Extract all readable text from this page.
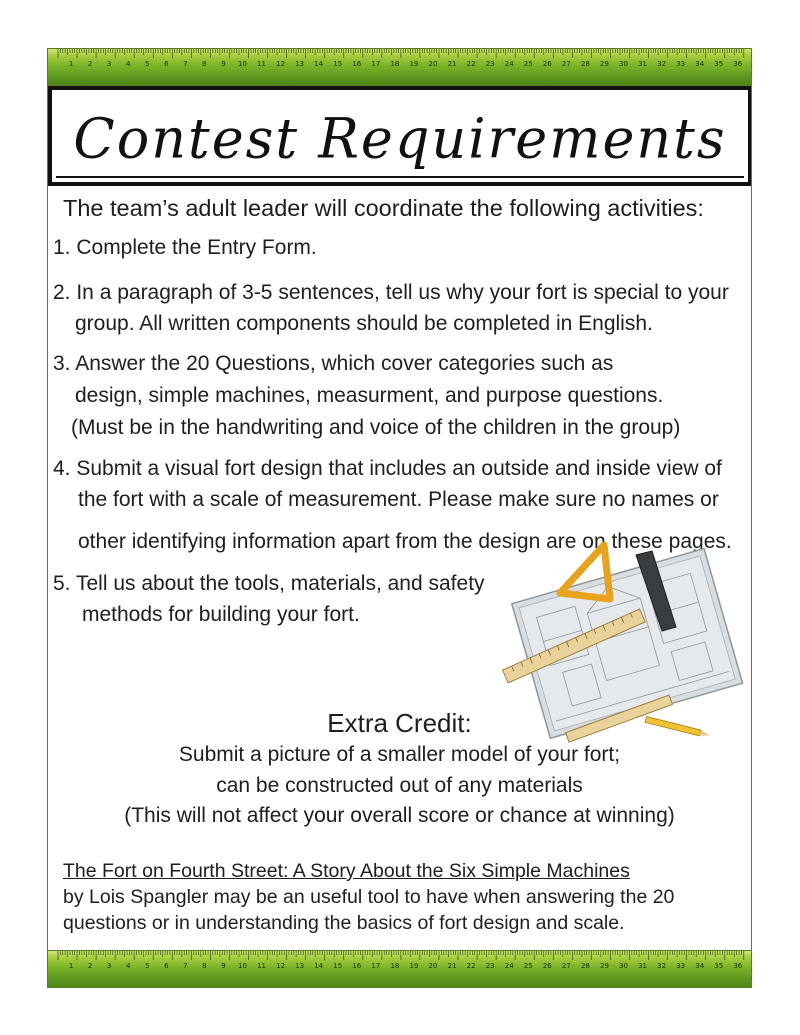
1 2 3 4 5 6 7 8 9 10 11 12 13 14 15 16 17 18 19 20 21 22 23 24 25 26 27 28 29 30 31 32 33 34 35 36
Contest Requirements
The team’s adult leader will coordinate the following activities:
1. Complete the Entry Form.
2. In a paragraph of 3-5 sentences, tell us why your fort is special to your
group. All written components should be completed in English.
3. Answer the 20 Questions, which cover categories such as
design, simple machines, measurment, and purpose questions.
(Must be in the handwriting and voice of the children in the group)
4. Submit a visual fort design that includes an outside and inside view of
the fort with a scale of measurement. Please make sure no names or
other identifying information apart from the design are on these pages.
5. Tell us about the tools, materials, and safety
methods for building your fort.
Extra Credit:
Submit a picture of a smaller model of your fort;
can be constructed out of any materials
(This will not affect your overall score or chance at winning)
The Fort on Fourth Street: A Story About the Six Simple Machines
by Lois Spangler may be an useful tool to have when answering the 20
questions or in understanding the basics of fort design and scale.
1 2 3 4 5 6 7 8 9 10 11 12 13 14 15 16 17 18 19 20 21 22 23 24 25 26 27 28 29 30 31 32 33 34 35 36
